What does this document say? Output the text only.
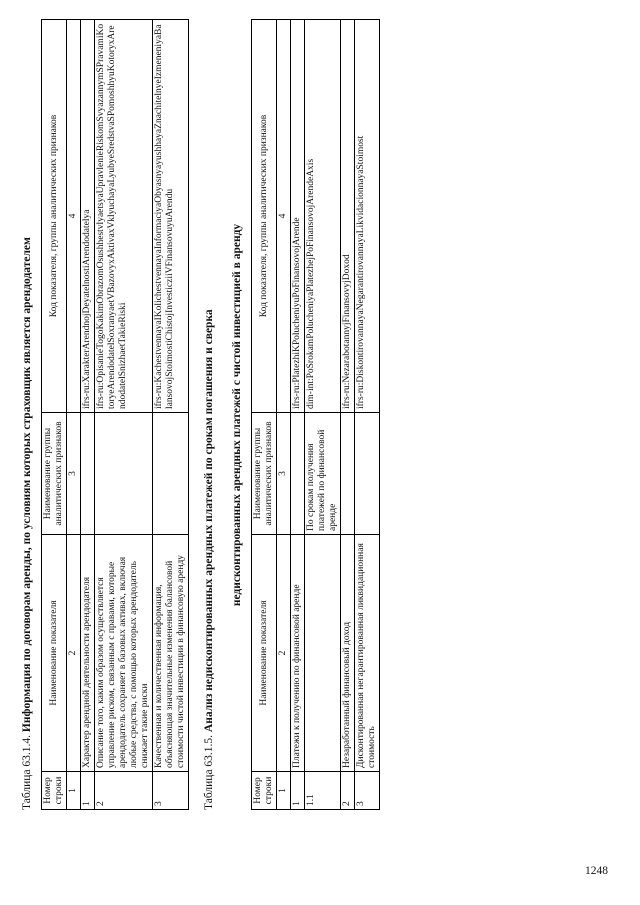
Таблица 63.1.4. Информация по договорам аренды, по условиям которых страховщик является арендодателем

Номер строки	Наименование показателя	Наименование группы аналитических признаков	Код показателя, группы аналитических признаков
1	2	3	4
1	Характер арендной деятельности арендодателя		ifrs-ru:XarakterArendnojDeyatelnostiArendodatelya
2	Описание того, каким образом осуществляется управление риском, связанным с правами, которые арендодатель сохраняет в базовых активах, включая любые средства, с помощью которых арендодатель снижает такие риски		ifrs-ru:OpisanieTogoKakimObrazomOsushhestvlyaetsyaUpravlenieRiskomSvyazannymSPravamiKotoryeArendodatelSoxranyaetVBazovyxAktivaxVklyuchayaLyubyeSredstvaSPomoshhyuKotoryxArendodatelSnizhaetTakieRiski
3	Качественная и количественная информация, объясняющая значительные изменения балансовой стоимости чистой инвестиции в финансовую аренду		ifrs-ru:KachestvennayaIKolichestvennayaInformaciyaObyasnyayushhayaZnachitelnyeIzmeneniyaBalansovojStoimostiChistojInvesticziiVFinansovuyuArendu

Таблица 63.1.5. Анализ недисконтированных арендных платежей по срокам погашения и сверка недисконтированных арендных платежей с чистой инвестицией в аренду

Номер строки	Наименование показателя	Наименование группы аналитических признаков	Код показателя, группы аналитических признаков
1	2	3	4
1	Платежи к получению по финансовой аренде		ifrs-ru:PlatezhiKPolucheniyuPoFinansovojArende
1.1		По срокам получения платежей по финансовой аренде	dim-int:PoSrokamPolucheniyaPlatezhejPoFinansovojArendeAxis
2	Незаработанный финансовый доход		ifrs-ru:NezarabotannyjFinansovyjDoxod
3	Дисконтированная негарантированная ликвидационная стоимость		ifrs-ru:DiskontirovannayaNegarantirovannayaLikvidacionnayaStoimost
1248
